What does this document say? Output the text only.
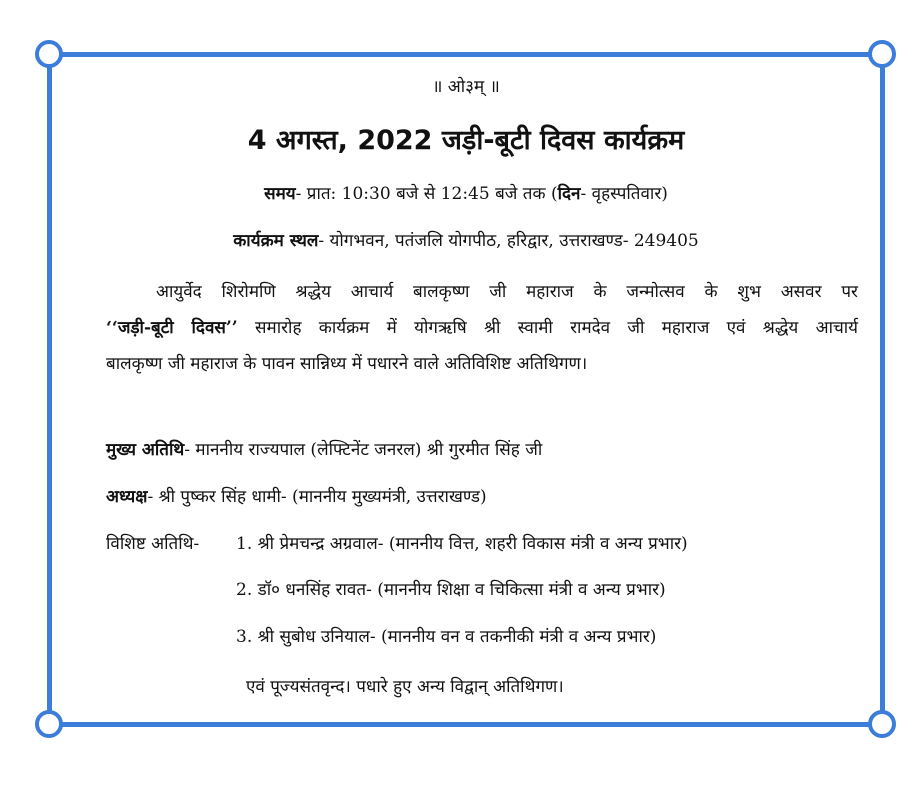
॥ ओ३म् ॥
4 अगस्त, 2022 जड़ी-बूटी दिवस कार्यक्रम
समय- प्रात: 10:30 बजे से 12:45 बजे तक (दिन- वृहस्पतिवार)
कार्यक्रम स्थल- योगभवन, पतंजलि योगपीठ, हरिद्वार, उत्तराखण्ड- 249405
आयुर्वेद शिरोमणि श्रद्धेय आचार्य बालकृष्ण जी महाराज के जन्मोत्सव के शुभ असवर पर
‘‘जड़ी-बूटी दिवस’’ समारोह कार्यक्रम में योगऋषि श्री स्वामी रामदेव जी महाराज एवं श्रद्धेय आचार्य
बालकृष्ण जी महाराज के पावन सान्निध्य में पधारने वाले अतिविशिष्ट अतिथिगण।
मुख्य अतिथि- माननीय राज्यपाल (लेफ्टिनेंट जनरल) श्री गुरमीत सिंह जी
अध्यक्ष- श्री पुष्कर सिंह धामी- (माननीय मुख्यमंत्री, उत्तराखण्ड)
विशिष्ट अतिथि- 1. श्री प्रेमचन्द्र अग्रवाल- (माननीय वित्त, शहरी विकास मंत्री व अन्य प्रभार)
2. डॉ० धनसिंह रावत- (माननीय शिक्षा व चिकित्सा मंत्री व अन्य प्रभार)
3. श्री सुबोध उनियाल- (माननीय वन व तकनीकी मंत्री व अन्य प्रभार)
एवं पूज्यसंतवृन्द। पधारे हुए अन्य विद्वान् अतिथिगण।
